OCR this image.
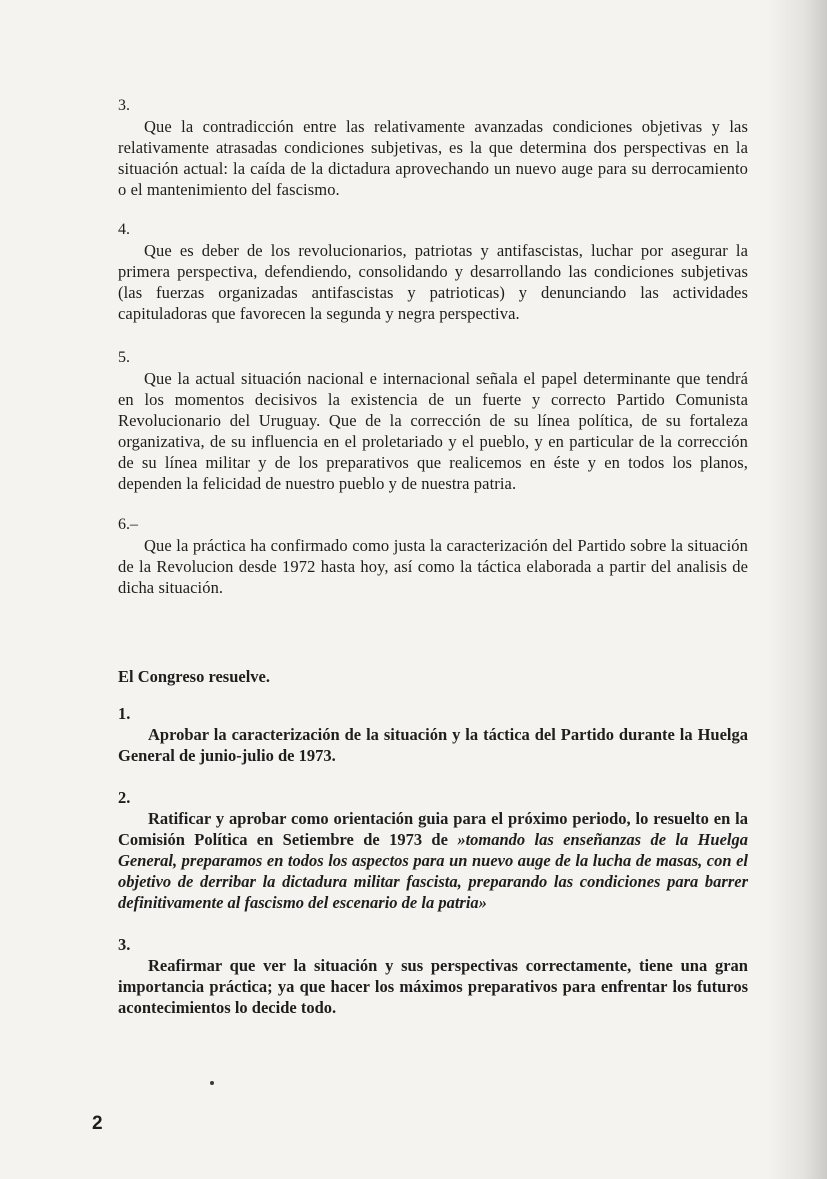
3.

Que la contradicción entre las relativamente avanzadas condiciones objetivas y las relativamente atrasadas condiciones subjetivas, es la que determina dos perspectivas en la situación actual: la caída de la dictadura aprovechando un nuevo auge para su derrocamiento o el mantenimiento del fascismo.

4.

Que es deber de los revolucionarios, patriotas y antifascistas, luchar por asegurar la primera perspectiva, defendiendo, consolidando y desarrollando las condiciones subjetivas (las fuerzas organizadas antifascistas y patrioticas) y denunciando las actividades capituladoras que favorecen la segunda y negra perspectiva.

5.

Que la actual situación nacional e internacional señala el papel determinante que tendrá en los momentos decisivos la existencia de un fuerte y correcto Partido Comunista Revolucionario del Uruguay. Que de la corrección de su línea política, de su fortaleza organizativa, de su influencia en el proletariado y el pueblo, y en particular de la corrección de su línea militar y de los preparativos que realicemos en éste y en todos los planos, dependen la felicidad de nuestro pueblo y de nuestra patria.

6.–

Que la práctica ha confirmado como justa la caracterización del Partido sobre la situación de la Revolucion desde 1972 hasta hoy, así como la táctica elaborada a partir del analisis de dicha situación.

El Congreso resuelve.

1.

Aprobar la caracterización de la situación y la táctica del Partido durante la Huelga General de junio-julio de 1973.

2.

Ratificar y aprobar como orientación guia para el próximo periodo, lo resuelto en la Comisión Política en Setiembre de 1973 de »tomando las enseñanzas de la Huelga General, preparamos en todos los aspectos para un nuevo auge de la lucha de masas, con el objetivo de derribar la dictadura militar fascista, preparando las condiciones para barrer definitivamente al fascismo del escenario de la patria»

3.

Reafirmar que ver la situación y sus perspectivas correctamente, tiene una gran importancia práctica; ya que hacer los máximos preparativos para enfrentar los futuros acontecimientos lo decide todo.

2
